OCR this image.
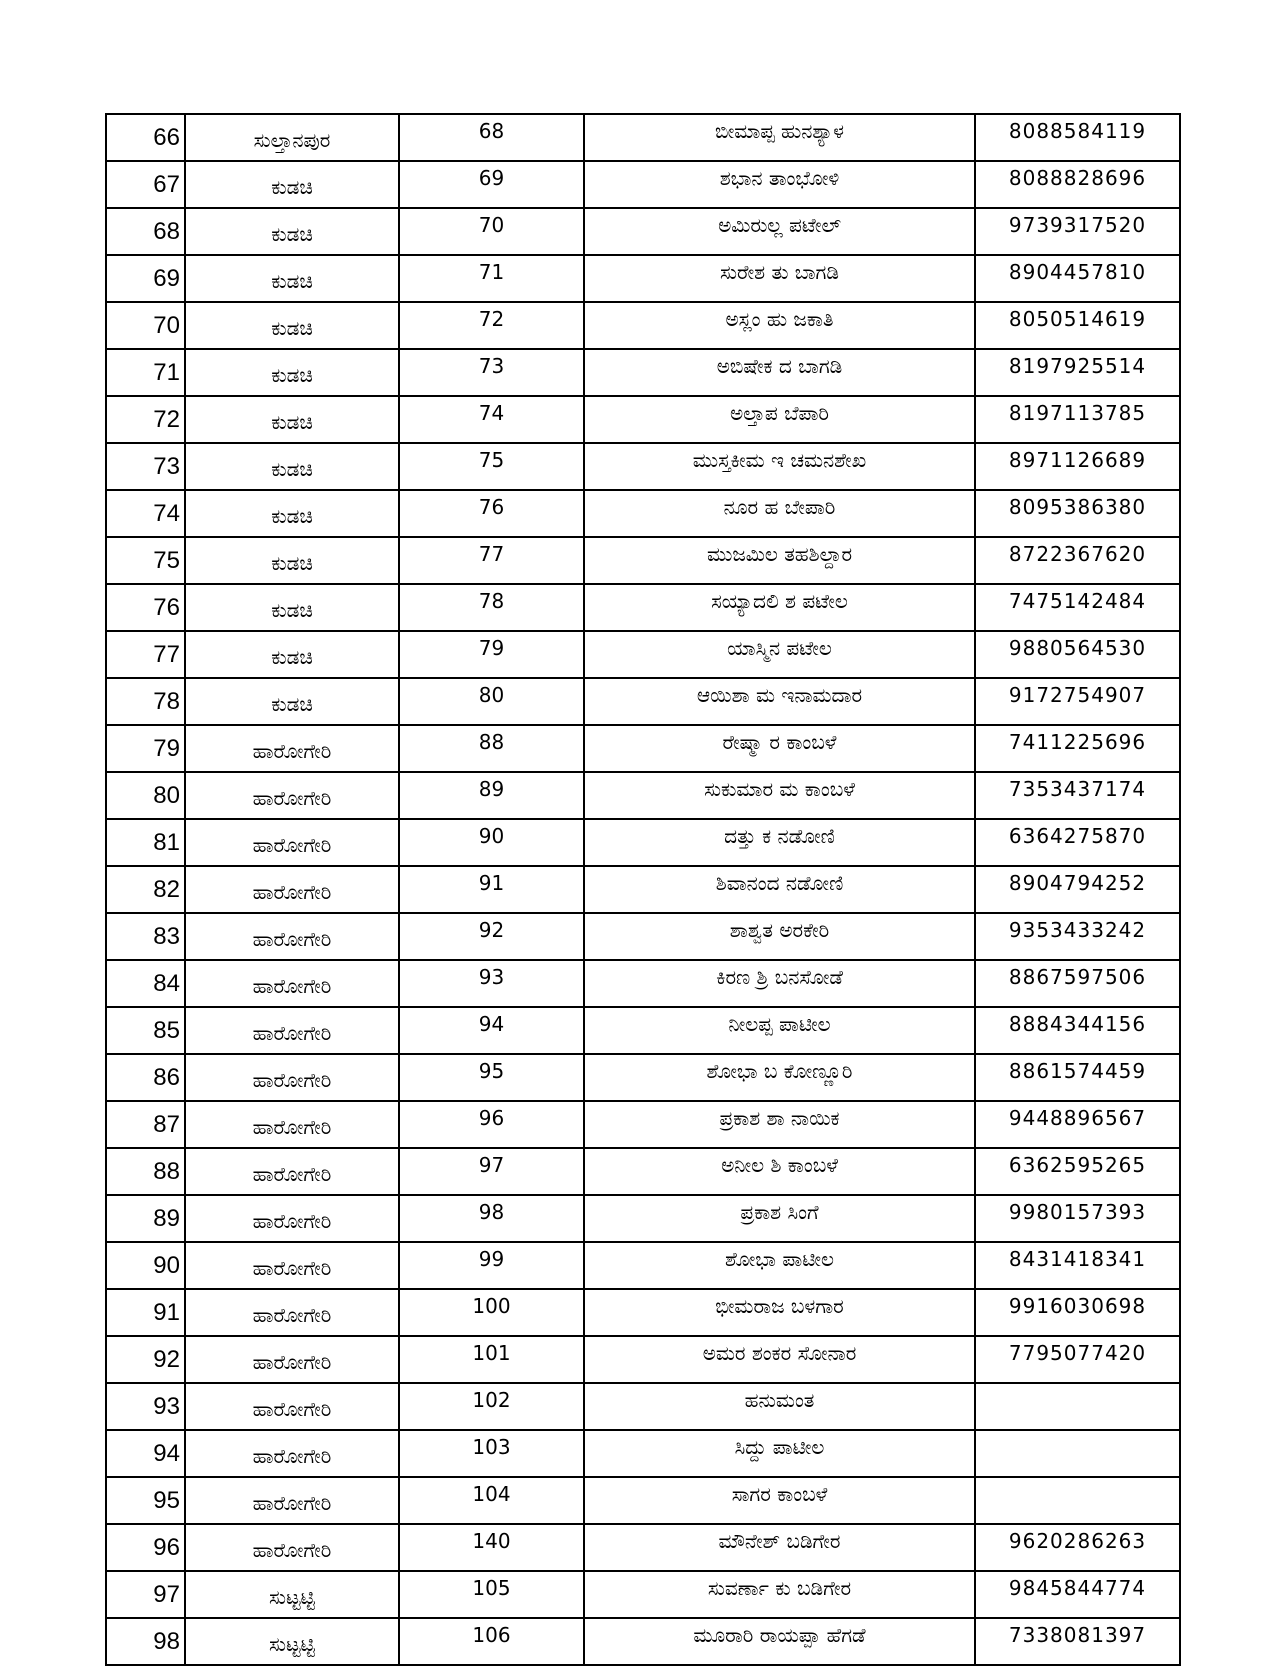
66	ಸುಲ್ತಾನಪುರ	68	ಬೀಮಾಪ್ಪ ಹುನಶ್ಯಾಳ	8088584119
67	ಕುಡಚಿ	69	ಶಭಾನ ತಾಂಭೋಳಿ	8088828696
68	ಕುಡಚಿ	70	ಅಮಿರುಲ್ಲ ಪಟೇಲ್	9739317520
69	ಕುಡಚಿ	71	ಸುರೇಶ ತು ಬಾಗಡಿ	8904457810
70	ಕುಡಚಿ	72	ಅಸ್ಲಂ ಹು ಜಕಾತಿ	8050514619
71	ಕುಡಚಿ	73	ಅಬಿಷೇಕ ದ ಬಾಗಡಿ	8197925514
72	ಕುಡಚಿ	74	ಅಲ್ತಾಪ ಬೆಪಾರಿ	8197113785
73	ಕುಡಚಿ	75	ಮುಸ್ತಕೀಮ ಇ ಚಮನಶೇಖ	8971126689
74	ಕುಡಚಿ	76	ನೂರ ಹ ಬೇಪಾರಿ	8095386380
75	ಕುಡಚಿ	77	ಮುಜಮಿಲ ತಹಶಿಲ್ದಾರ	8722367620
76	ಕುಡಚಿ	78	ಸಯ್ಯಾದಲಿ ಶ ಪಟೇಲ	7475142484
77	ಕುಡಚಿ	79	ಯಾಸ್ಮಿನ ಪಟೇಲ	9880564530
78	ಕುಡಚಿ	80	ಆಯಿಶಾ ಮ ಇನಾಮದಾರ	9172754907
79	ಹಾರೋಗೇರಿ	88	ರೇಷ್ಮಾ ರ ಕಾಂಬಳೆ	7411225696
80	ಹಾರೋಗೇರಿ	89	ಸುಕುಮಾರ ಮ ಕಾಂಬಳೆ	7353437174
81	ಹಾರೋಗೇರಿ	90	ದತ್ತು ಕ ನಡೋಣಿ	6364275870
82	ಹಾರೋಗೇರಿ	91	ಶಿವಾನಂದ ನಡೋಣಿ	8904794252
83	ಹಾರೋಗೇರಿ	92	ಶಾಶ್ವತ ಅರಕೇರಿ	9353433242
84	ಹಾರೋಗೇರಿ	93	ಕಿರಣ ಶ್ರಿ ಬನಸೋಡೆ	8867597506
85	ಹಾರೋಗೇರಿ	94	ನೀಲಪ್ಪ ಪಾಟೀಲ	8884344156
86	ಹಾರೋಗೇರಿ	95	ಶೋಭಾ ಬ ಕೋಣ್ಣೂರಿ	8861574459
87	ಹಾರೋಗೇರಿ	96	ಪ್ರಕಾಶ ಶಾ ನಾಯಿಕ	9448896567
88	ಹಾರೋಗೇರಿ	97	ಅನೀಲ ಶಿ ಕಾಂಬಳೆ	6362595265
89	ಹಾರೋಗೇರಿ	98	ಪ್ರಕಾಶ ಸಿಂಗೆ	9980157393
90	ಹಾರೋಗೇರಿ	99	ಶೋಭಾ ಪಾಟೀಲ	8431418341
91	ಹಾರೋಗೇರಿ	100	ಭೀಮರಾಜ ಬಳಗಾರ	9916030698
92	ಹಾರೋಗೇರಿ	101	ಅಮರ ಶಂಕರ ಸೋನಾರ	7795077420
93	ಹಾರೋಗೇರಿ	102	ಹನುಮಂತ	
94	ಹಾರೋಗೇರಿ	103	ಸಿದ್ದು ಪಾಟೀಲ	
95	ಹಾರೋಗೇರಿ	104	ಸಾಗರ ಕಾಂಬಳೆ	
96	ಹಾರೋಗೇರಿ	140	ಮೌನೇಶ್ ಬಡಿಗೇರ	9620286263
97	ಸುಟ್ಟಟ್ಟಿ	105	ಸುವರ್ಣಾ ಕು ಬಡಿಗೇರ	9845844774
98	ಸುಟ್ಟಟ್ಟಿ	106	ಮೂರಾರಿ ರಾಯಪ್ಪಾ ಹೆಗಡೆ	7338081397
